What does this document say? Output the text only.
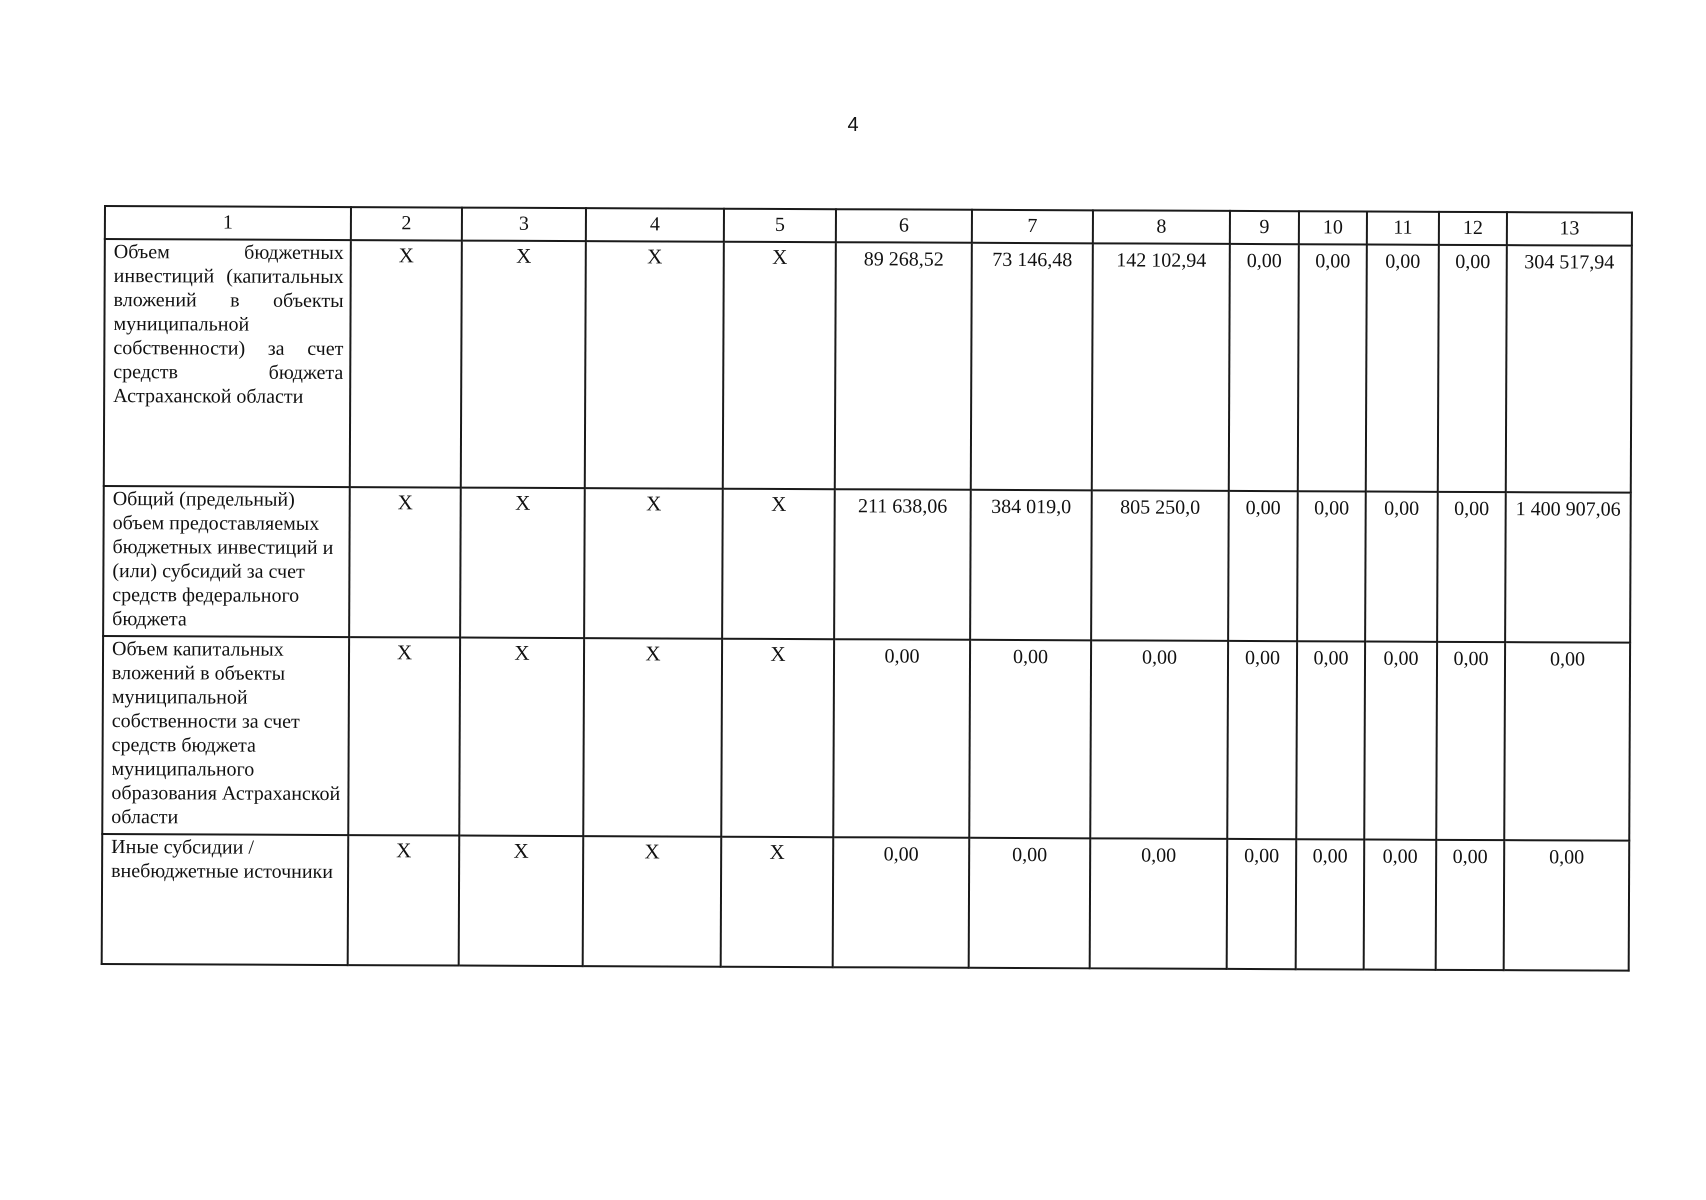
4
1	2	3	4	5	6	7	8	9	10	11	12	13
Объем бюджетных инвестиций (капитальных вложений в объекты муниципальной собственности) за счет средств бюджета Астраханской области	Х	Х	Х	Х	89 268,52	73 146,48	142 102,94	0,00	0,00	0,00	0,00	304 517,94
Общий (предельный) объем предоставляемых бюджетных инвестиций и (или) субсидий за счет средств федерального бюджета	Х	Х	Х	Х	211 638,06	384 019,0	805 250,0	0,00	0,00	0,00	0,00	1 400 907,06
Объем капитальных вложений в объекты муниципальной собственности за счет средств бюджета муниципального образования Астраханской области	Х	Х	Х	Х	0,00	0,00	0,00	0,00	0,00	0,00	0,00	0,00
Иные субсидии / внебюджетные источники	Х	Х	Х	Х	0,00	0,00	0,00	0,00	0,00	0,00	0,00	0,00
